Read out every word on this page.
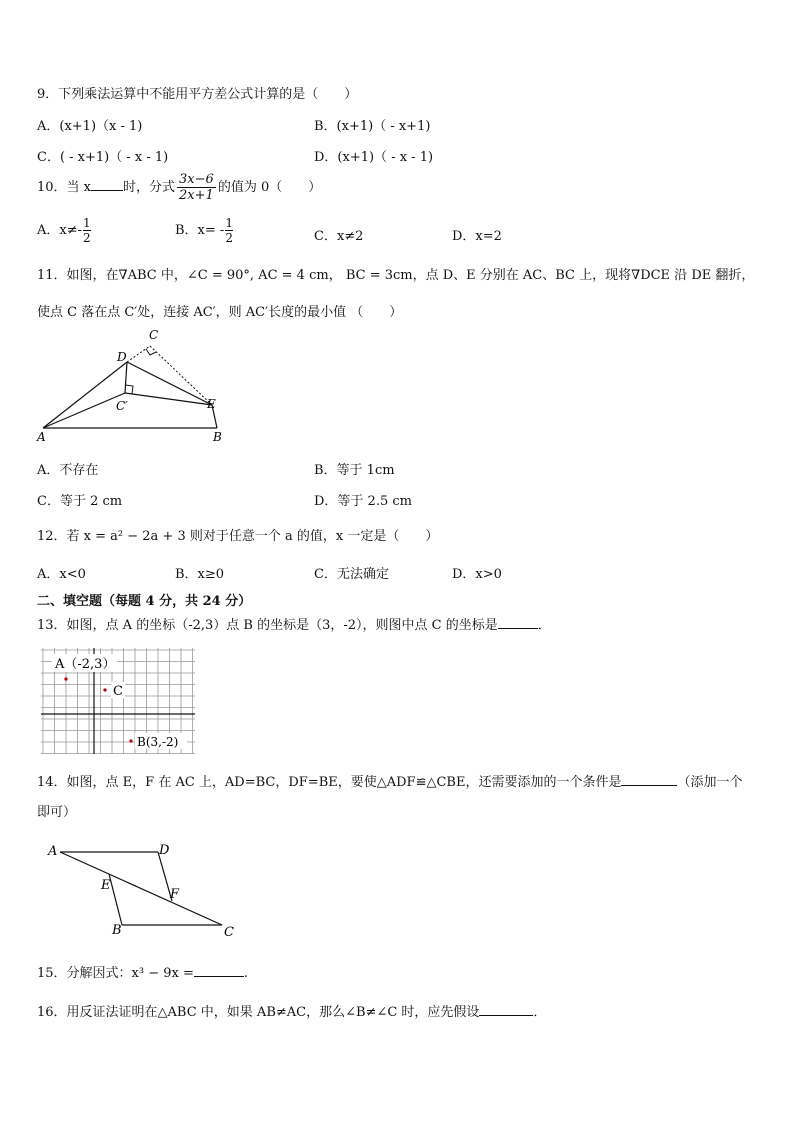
9．下列乘法运算中不能用平方差公式计算的是（　　）
A．(x+1)（x - 1)	B．(x+1)（ - x+1)
C．( - x+1)（ - x - 1)	D．(x+1)（ - x - 1)
10．当 x 时，分式 $\frac{3x-6}{2x+1}$ 的值为 0（　　）
A．$x\ne- \frac{1}{2}$	B．$x= - \frac{1}{2}$	C．x≠2	D．x=2
11．如图，在∇ABC 中，∠C = 90°, AC = 4 cm， BC = 3cm，点 D、E 分别在 AC、BC 上，现将∇DCE 沿 DE 翻折，
使点 C 落在点 C′处，连接 AC′，则 AC′长度的最小值 （　　）
A	B
C
D
E
C′
A．不存在	B．等于 1cm
C．等于 2 cm	D．等于 2.5 cm
12．若 x = a² − 2a + 3 则对于任意一个 a 的值，x 一定是（　　）
A．x<0	B．x≥0	C．无法确定	D．x>0
二、填空题（每题 4 分，共 24 分）
13．如图，点 A 的坐标（-2,3）点 B 的坐标是（3，-2），则图中点 C 的坐标是	．
A（-2,3）
C
B(3,-2)
14．如图，点 E，F 在 AC 上，AD=BC，DF=BE，要使△ADF≌△CBE，还需要添加的一个条件是	（添加一个
即可）
A	D
E
F
B	C
15．分解因式：x³ − 9x =	.
16．用反证法证明在△ABC 中，如果 AB≠AC，那么∠B≠∠C 时，应先假设	．
